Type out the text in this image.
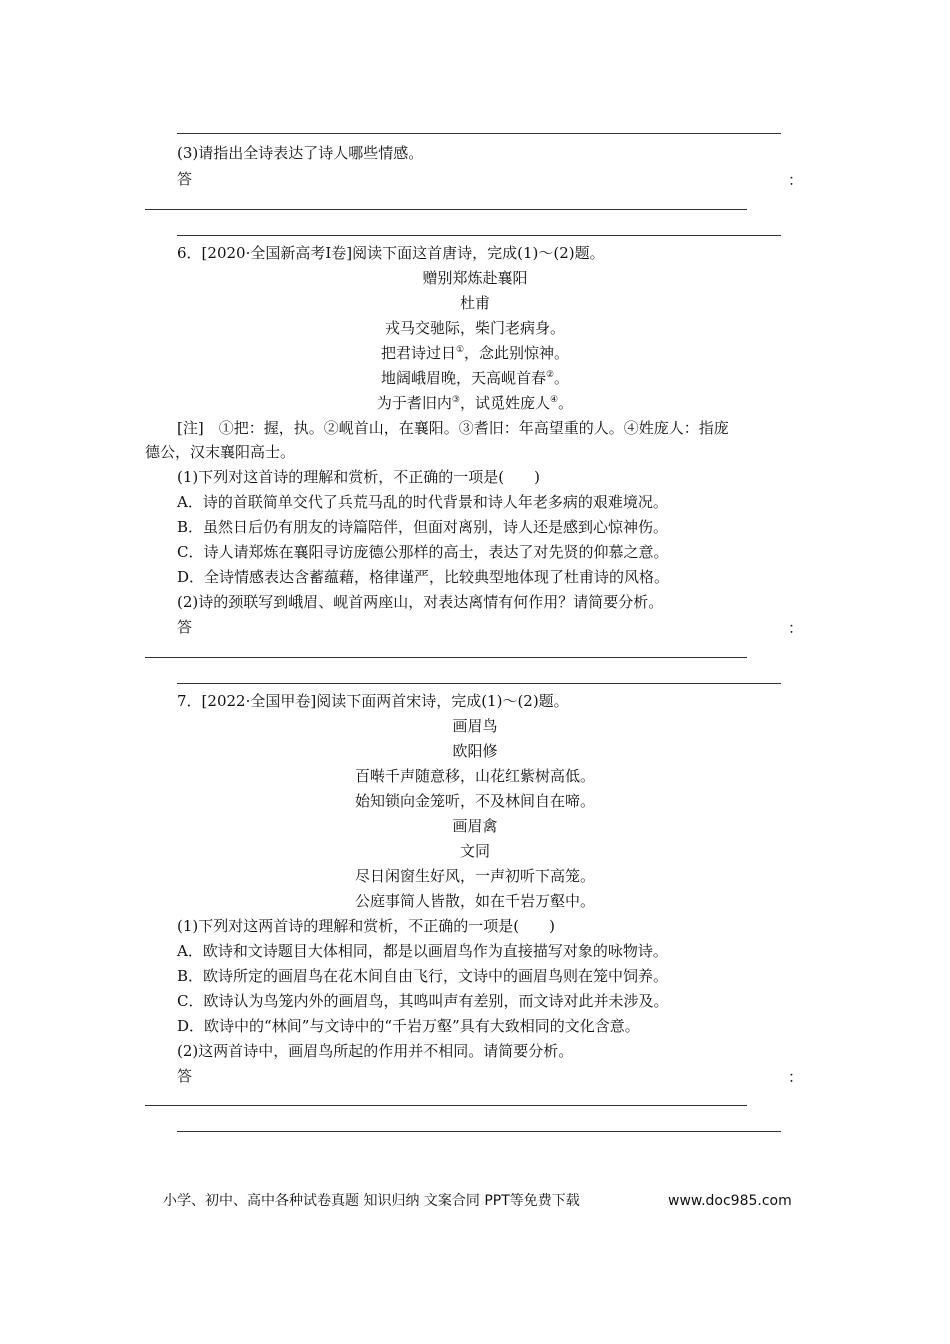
(3)请指出全诗表达了诗人哪些情感。
答	：
6．[2020·全国新高考Ⅰ卷]阅读下面这首唐诗，完成(1)～(2)题。
赠别郑炼赴襄阳
杜甫
戎马交驰际，柴门老病身。
把君诗过日①，念此别惊神。
地阔峨眉晚，天高岘首春②。
为于耆旧内③，试觅姓庞人④。
[注]　①把：握，执。②岘首山，在襄阳。③耆旧：年高望重的人。④姓庞人：指庞
德公，汉末襄阳高士。
(1)下列对这首诗的理解和赏析，不正确的一项是(　　)
A．诗的首联简单交代了兵荒马乱的时代背景和诗人年老多病的艰难境况。
B．虽然日后仍有朋友的诗篇陪伴，但面对离别，诗人还是感到心惊神伤。
C．诗人请郑炼在襄阳寻访庞德公那样的高士，表达了对先贤的仰慕之意。
D．全诗情感表达含蓄蕴藉，格律谨严，比较典型地体现了杜甫诗的风格。
(2)诗的颈联写到峨眉、岘首两座山，对表达离情有何作用？请简要分析。
答	：
7．[2022·全国甲卷]阅读下面两首宋诗，完成(1)～(2)题。
画眉鸟
欧阳修
百啭千声随意移，山花红紫树高低。
始知锁向金笼听，不及林间自在啼。
画眉禽
文同
尽日闲窗生好风，一声初听下高笼。
公庭事简人皆散，如在千岩万壑中。
(1)下列对这两首诗的理解和赏析，不正确的一项是(　　)
A．欧诗和文诗题目大体相同，都是以画眉鸟作为直接描写对象的咏物诗。
B．欧诗所定的画眉鸟在花木间自由飞行，文诗中的画眉鸟则在笼中饲养。
C．欧诗认为鸟笼内外的画眉鸟，其鸣叫声有差别，而文诗对此并未涉及。
D．欧诗中的“林间”与文诗中的“千岩万壑”具有大致相同的文化含意。
(2)这两首诗中，画眉鸟所起的作用并不相同。请简要分析。
答	：
小学、初中、高中各种试卷真题 知识归纳 文案合同 PPT等免费下载	www.doc985.com
